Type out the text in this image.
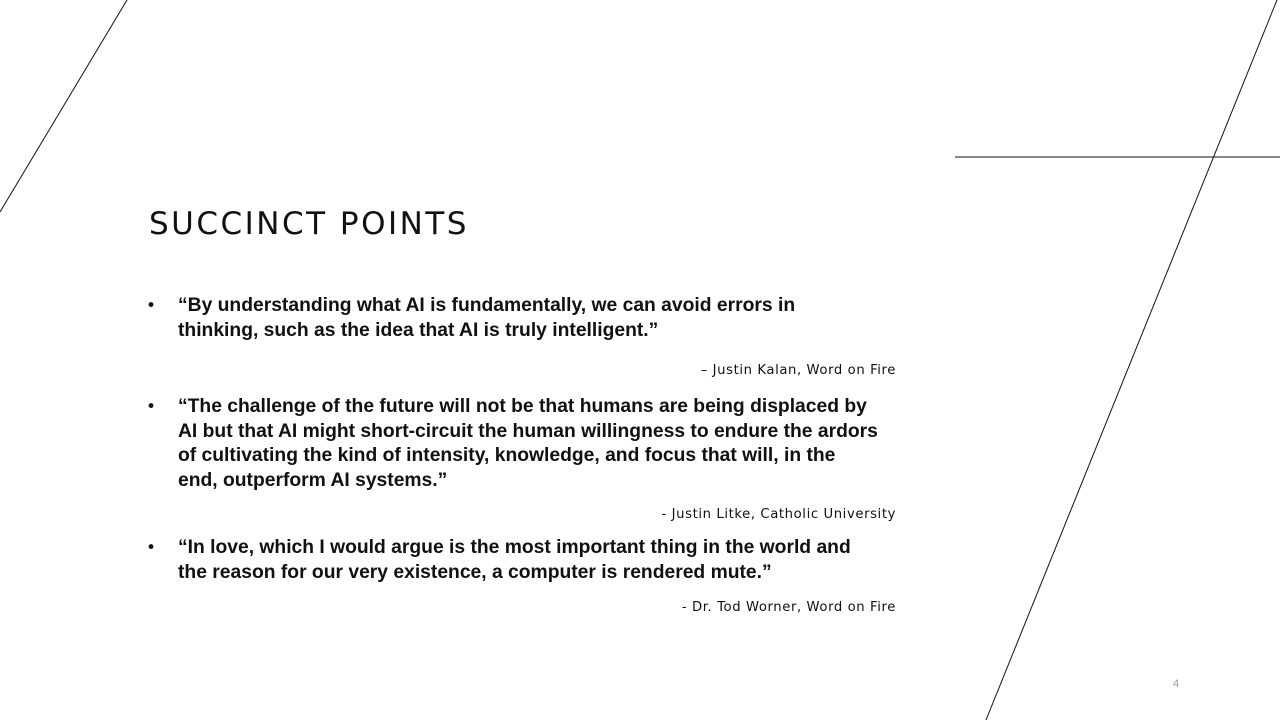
SUCCINCT POINTS
• “By understanding what AI is fundamentally, we can avoid errors in thinking, such as the idea that AI is truly intelligent.”

– Justin Kalan, Word on Fire
• “The challenge of the future will not be that humans are being displaced by AI but that AI might short-circuit the human willingness to endure the ardors of cultivating the kind of intensity, knowledge, and focus that will, in the end, outperform AI systems.”

- Justin Litke, Catholic University
• “In love, which I would argue is the most important thing in the world and the reason for our very existence, a computer is rendered mute.”

- Dr. Tod Worner, Word on Fire
4
